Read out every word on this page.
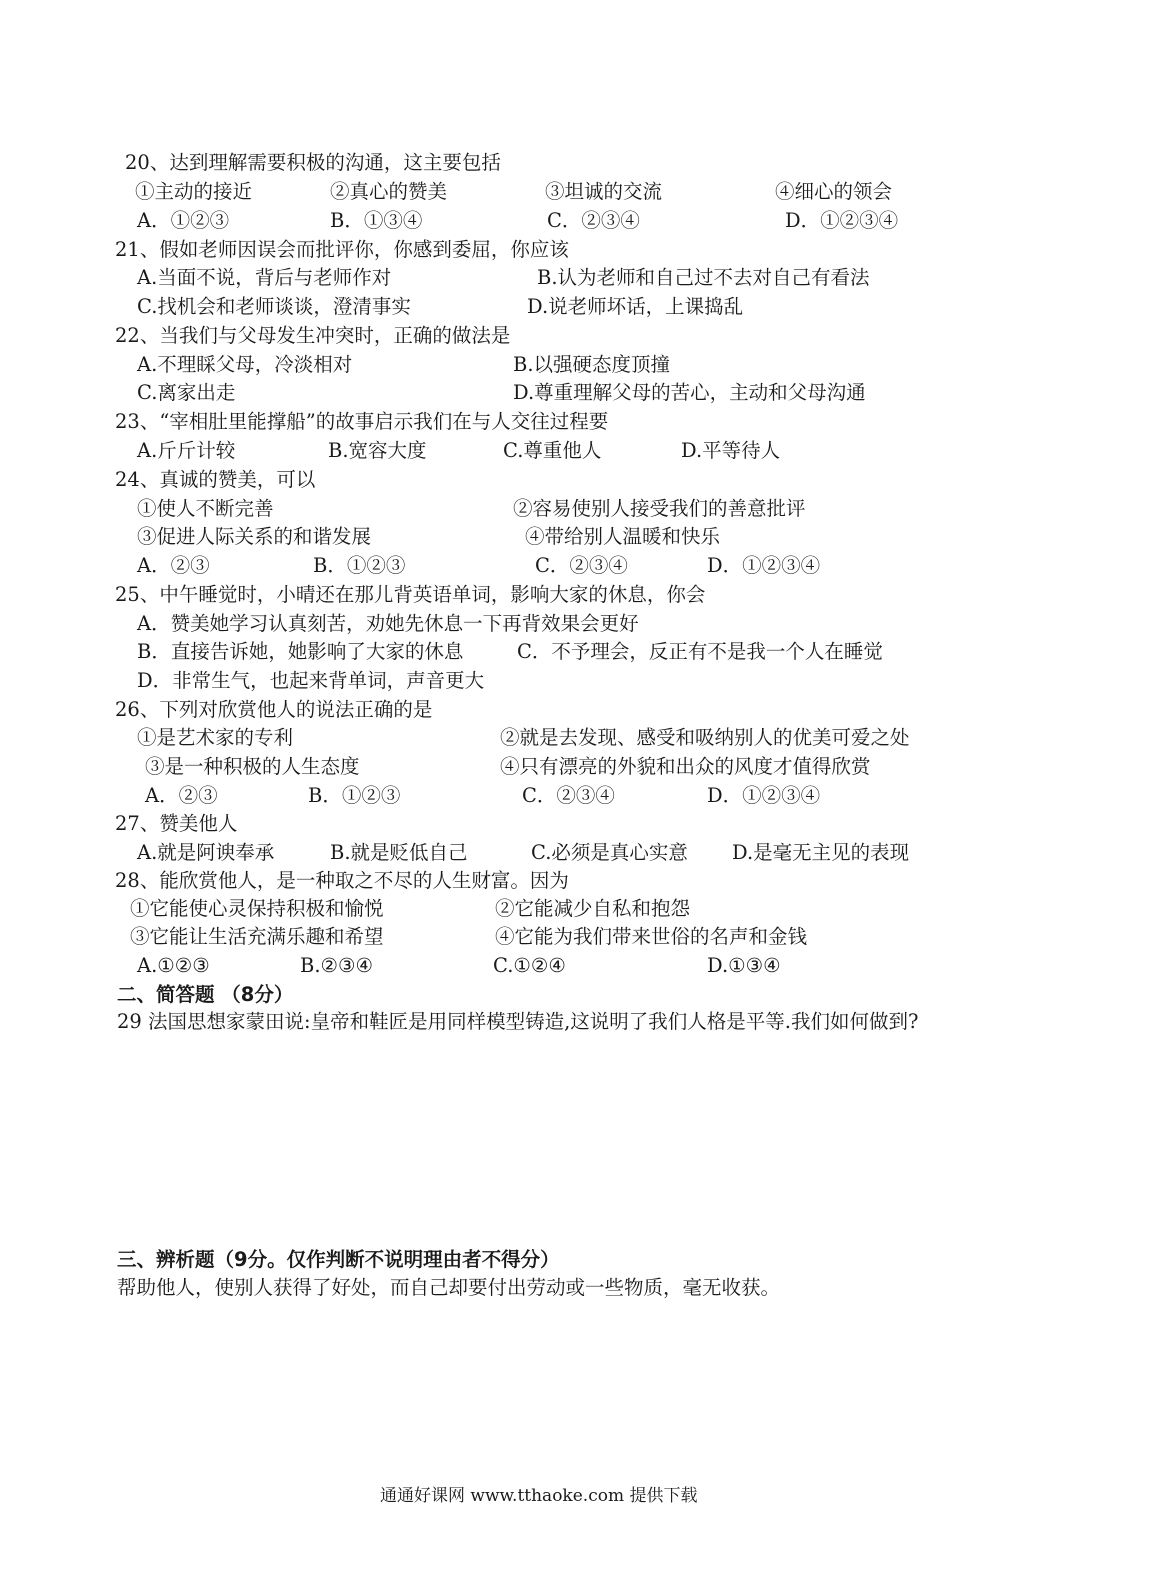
20、达到理解需要积极的沟通，这主要包括
①主动的接近	②真心的赞美	③坦诚的交流	④细心的领会
A．①②③	B．①③④	C．②③④	D．①②③④
21、假如老师因误会而批评你，你感到委屈，你应该
A.当面不说，背后与老师作对	B.认为老师和自己过不去对自己有看法
C.找机会和老师谈谈，澄清事实	D.说老师坏话，上课捣乱
22、当我们与父母发生冲突时，正确的做法是
A.不理睬父母，冷淡相对	B.以强硬态度顶撞
C.离家出走	D.尊重理解父母的苦心，主动和父母沟通
23、“宰相肚里能撑船”的故事启示我们在与人交往过程要
A.斤斤计较	B.宽容大度	C.尊重他人	D.平等待人
24、真诚的赞美，可以
①使人不断完善	②容易使别人接受我们的善意批评
③促进人际关系的和谐发展	④带给别人温暖和快乐
A．②③	B．①②③	C．②③④	D．①②③④
25、中午睡觉时，小晴还在那儿背英语单词，影响大家的休息，你会
A．赞美她学习认真刻苦，劝她先休息一下再背效果会更好
B．直接告诉她，她影响了大家的休息	C．不予理会，反正有不是我一个人在睡觉
D．非常生气，也起来背单词，声音更大
26、下列对欣赏他人的说法正确的是
①是艺术家的专利	②就是去发现、感受和吸纳别人的优美可爱之处
③是一种积极的人生态度	④只有漂亮的外貌和出众的风度才值得欣赏
A．②③	B．①②③	C．②③④	D．①②③④
27、赞美他人
A.就是阿谀奉承	B.就是贬低自己	C.必须是真心实意 D.是毫无主见的表现
28、能欣赏他人，是一种取之不尽的人生财富。因为
①它能使心灵保持积极和愉悦	②它能减少自私和抱怨
③它能让生活充满乐趣和希望	④它能为我们带来世俗的名声和金钱
A.①②③	B.②③④	C.①②④	D.①③④
二、简答题 （8分）
29 法国思想家蒙田说:皇帝和鞋匠是用同样模型铸造,这说明了我们人格是平等.我们如何做到?
三、辨析题（9分。仅作判断不说明理由者不得分）
帮助他人，使别人获得了好处，而自己却要付出劳动或一些物质，毫无收获。
通通好课网 www.tthaoke.com 提供下载
